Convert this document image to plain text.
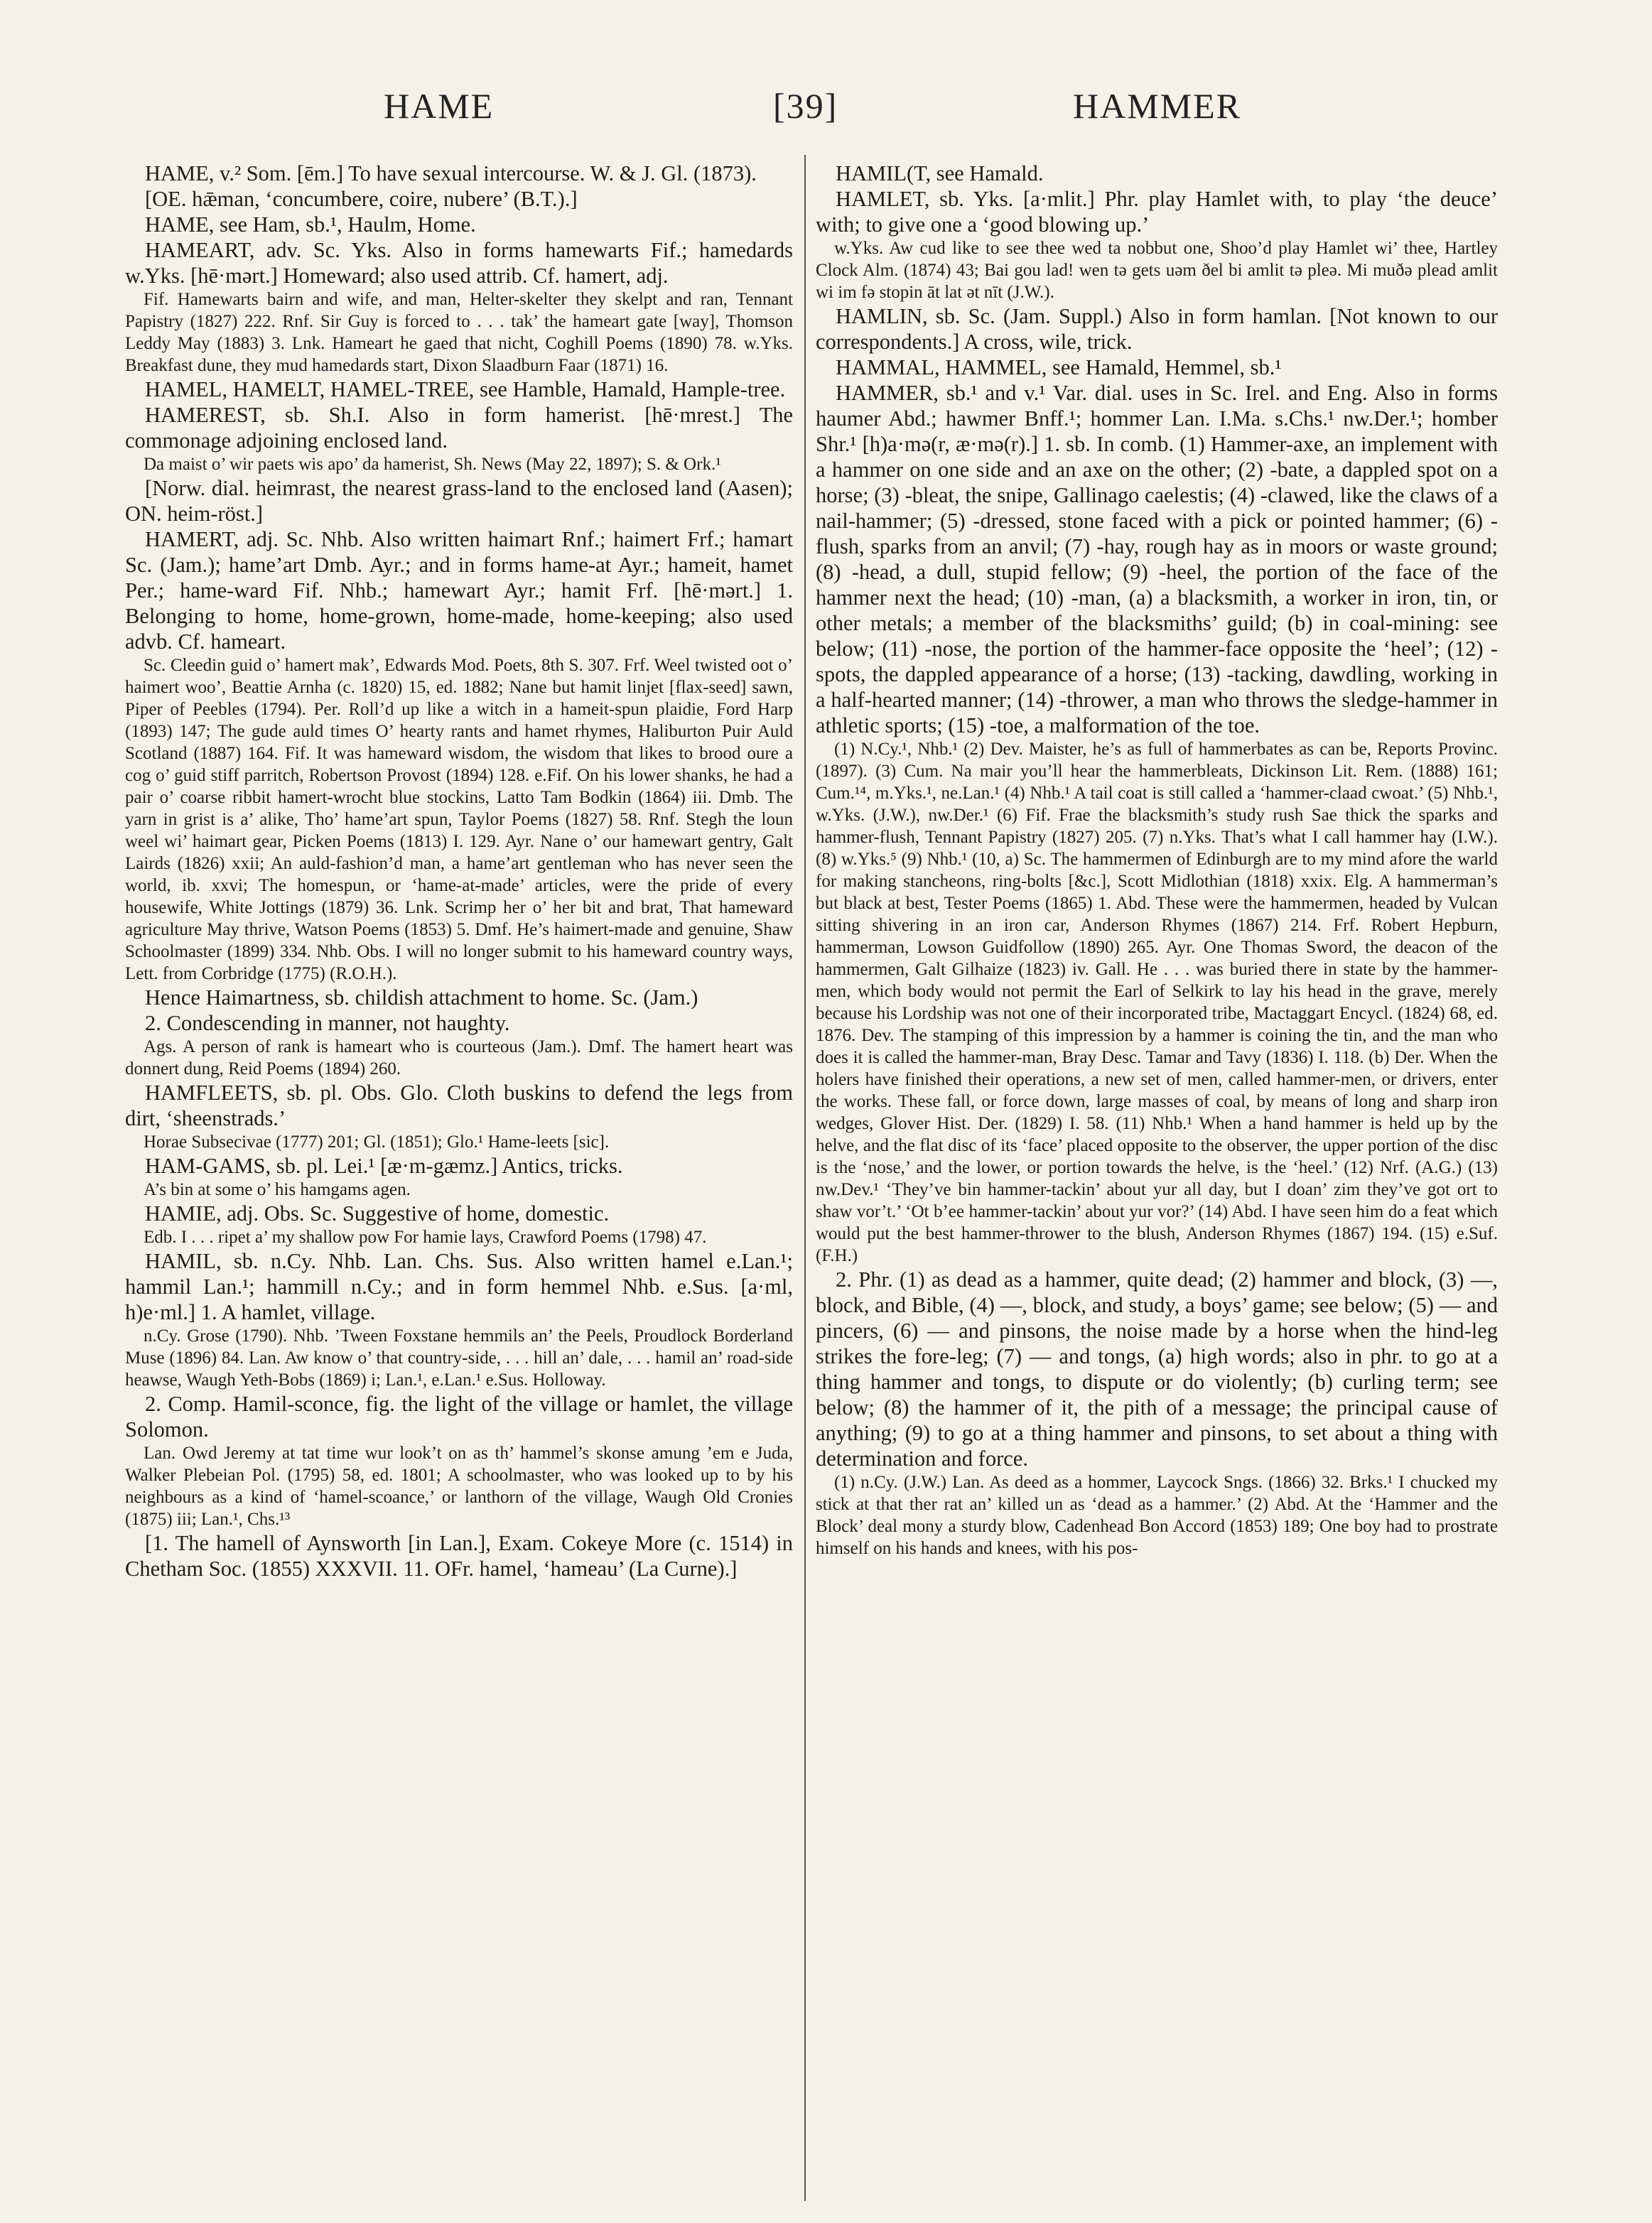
HAME	[39]	HAMMER

HAME, v.² Som. [ēm.] To have sexual intercourse. W. & J. Gl. (1873).

[OE. hǣman, ‘concumbere, coire, nubere’ (B.T.).]

HAME, see Ham, sb.¹, Haulm, Home.

HAMEART, adv. Sc. Yks. Also in forms hamewarts Fif.; hamedards w.Yks. [hē·mərt.] Homeward; also used attrib. Cf. hamert, adj.

Fif. Hamewarts bairn and wife, and man, Helter-skelter they skelpt and ran, Tennant Papistry (1827) 222. Rnf. Sir Guy is forced to . . . tak’ the hameart gate [way], Thomson Leddy May (1883) 3. Lnk. Hameart he gaed that nicht, Coghill Poems (1890) 78. w.Yks. Breakfast dune, they mud hamedards start, Dixon Slaadburn Faar (1871) 16.

HAMEL, HAMELT, HAMEL-TREE, see Hamble, Hamald, Hample-tree.

HAMEREST, sb. Sh.I. Also in form hamerist. [hē·mrest.] The commonage adjoining enclosed land.

Da maist o’ wir paets wis apo’ da hamerist, Sh. News (May 22, 1897); S. & Ork.¹

[Norw. dial. heimrast, the nearest grass-land to the enclosed land (Aasen); ON. heim-röst.]

HAMERT, adj. Sc. Nhb. Also written haimart Rnf.; haimert Frf.; hamart Sc. (Jam.); hame’art Dmb. Ayr.; and in forms hame-at Ayr.; hameit, hamet Per.; hame-ward Fif. Nhb.; hamewart Ayr.; hamit Frf. [hē·mərt.] 1. Belonging to home, home-grown, home-made, home-keeping; also used advb. Cf. hameart.

Sc. Cleedin guid o’ hamert mak’, Edwards Mod. Poets, 8th S. 307. Frf. Weel twisted oot o’ haimert woo’, Beattie Arnha (c. 1820) 15, ed. 1882; Nane but hamit linjet [flax-seed] sawn, Piper of Peebles (1794). Per. Roll’d up like a witch in a hameit-spun plaidie, Ford Harp (1893) 147; The gude auld times O’ hearty rants and hamet rhymes, Haliburton Puir Auld Scotland (1887) 164. Fif. It was hameward wisdom, the wisdom that likes to brood oure a cog o’ guid stiff parritch, Robertson Provost (1894) 128. e.Fif. On his lower shanks, he had a pair o’ coarse ribbit hamert-wrocht blue stockins, Latto Tam Bodkin (1864) iii. Dmb. The yarn in grist is a’ alike, Tho’ hame’art spun, Taylor Poems (1827) 58. Rnf. Stegh the loun weel wi’ haimart gear, Picken Poems (1813) I. 129. Ayr. Nane o’ our hamewart gentry, Galt Lairds (1826) xxii; An auld-fashion’d man, a hame’art gentleman who has never seen the world, ib. xxvi; The homespun, or ‘hame-at-made’ articles, were the pride of every housewife, White Jottings (1879) 36. Lnk. Scrimp her o’ her bit and brat, That hameward agriculture May thrive, Watson Poems (1853) 5. Dmf. He’s haimert-made and genuine, Shaw Schoolmaster (1899) 334. Nhb. Obs. I will no longer submit to his hameward country ways, Lett. from Corbridge (1775) (R.O.H.).

Hence Haimartness, sb. childish attachment to home. Sc. (Jam.)

2. Condescending in manner, not haughty.

Ags. A person of rank is hameart who is courteous (Jam.). Dmf. The hamert heart was donnert dung, Reid Poems (1894) 260.

HAMFLEETS, sb. pl. Obs. Glo. Cloth buskins to defend the legs from dirt, ‘sheenstrads.’

Horae Subsecivae (1777) 201; Gl. (1851); Glo.¹ Hame-leets [sic].

HAM-GAMS, sb. pl. Lei.¹ [æ·m-gæmz.] Antics, tricks.

A’s bin at some o’ his hamgams agen.

HAMIE, adj. Obs. Sc. Suggestive of home, domestic.

Edb. I . . . ripet a’ my shallow pow For hamie lays, Crawford Poems (1798) 47.

HAMIL, sb. n.Cy. Nhb. Lan. Chs. Sus. Also written hamel e.Lan.¹; hammil Lan.¹; hammill n.Cy.; and in form hemmel Nhb. e.Sus. [a·ml, h)e·ml.] 1. A hamlet, village.

n.Cy. Grose (1790). Nhb. ’Tween Foxstane hemmils an’ the Peels, Proudlock Borderland Muse (1896) 84. Lan. Aw know o’ that country-side, . . . hill an’ dale, . . . hamil an’ road-side heawse, Waugh Yeth-Bobs (1869) i; Lan.¹, e.Lan.¹ e.Sus. Holloway.

2. Comp. Hamil-sconce, fig. the light of the village or hamlet, the village Solomon.

Lan. Owd Jeremy at tat time wur look’t on as th’ hammel’s skonse amung ’em e Juda, Walker Plebeian Pol. (1795) 58, ed. 1801; A schoolmaster, who was looked up to by his neighbours as a kind of ‘hamel-scoance,’ or lanthorn of the village, Waugh Old Cronies (1875) iii; Lan.¹, Chs.¹³

[1. The hamell of Aynsworth [in Lan.], Exam. Cokeye More (c. 1514) in Chetham Soc. (1855) XXXVII. 11. OFr. hamel, ‘hameau’ (La Curne).]

HAMIL(T, see Hamald.

HAMLET, sb. Yks. [a·mlit.] Phr. play Hamlet with, to play ‘the deuce’ with; to give one a ‘good blowing up.’

w.Yks. Aw cud like to see thee wed ta nobbut one, Shoo’d play Hamlet wi’ thee, Hartley Clock Alm. (1874) 43; Bai gou lad! wen tə gets uəm ðel bi amlit tə pleə. Mi muðə plead amlit wi im fə stopin āt lat ət nīt (J.W.).

HAMLIN, sb. Sc. (Jam. Suppl.) Also in form hamlan. [Not known to our correspondents.] A cross, wile, trick.

HAMMAL, HAMMEL, see Hamald, Hemmel, sb.¹

HAMMER, sb.¹ and v.¹ Var. dial. uses in Sc. Irel. and Eng. Also in forms haumer Abd.; hawmer Bnff.¹; hommer Lan. I.Ma. s.Chs.¹ nw.Der.¹; homber Shr.¹ [h)a·mə(r, æ·mə(r).] 1. sb. In comb. (1) Hammer-axe, an implement with a hammer on one side and an axe on the other; (2) -bate, a dappled spot on a horse; (3) -bleat, the snipe, Gallinago caelestis; (4) -clawed, like the claws of a nail-hammer; (5) -dressed, stone faced with a pick or pointed hammer; (6) -flush, sparks from an anvil; (7) -hay, rough hay as in moors or waste ground; (8) -head, a dull, stupid fellow; (9) -heel, the portion of the face of the hammer next the head; (10) -man, (a) a blacksmith, a worker in iron, tin, or other metals; a member of the blacksmiths’ guild; (b) in coal-mining: see below; (11) -nose, the portion of the hammer-face opposite the ‘heel’; (12) -spots, the dappled appearance of a horse; (13) -tacking, dawdling, working in a half-hearted manner; (14) -thrower, a man who throws the sledge-hammer in athletic sports; (15) -toe, a malformation of the toe.

(1) N.Cy.¹, Nhb.¹ (2) Dev. Maister, he’s as full of hammerbates as can be, Reports Provinc. (1897). (3) Cum. Na mair you’ll hear the hammerbleats, Dickinson Lit. Rem. (1888) 161; Cum.¹⁴, m.Yks.¹, ne.Lan.¹ (4) Nhb.¹ A tail coat is still called a ‘hammer-claad cwoat.’ (5) Nhb.¹, w.Yks. (J.W.), nw.Der.¹ (6) Fif. Frae the blacksmith’s study rush Sae thick the sparks and hammer-flush, Tennant Papistry (1827) 205. (7) n.Yks. That’s what I call hammer hay (I.W.). (8) w.Yks.⁵ (9) Nhb.¹ (10, a) Sc. The hammermen of Edinburgh are to my mind afore the warld for making stancheons, ring-bolts [&c.], Scott Midlothian (1818) xxix. Elg. A hammerman’s but black at best, Tester Poems (1865) 1. Abd. These were the hammermen, headed by Vulcan sitting shivering in an iron car, Anderson Rhymes (1867) 214. Frf. Robert Hepburn, hammerman, Lowson Guidfollow (1890) 265. Ayr. One Thomas Sword, the deacon of the hammermen, Galt Gilhaize (1823) iv. Gall. He . . . was buried there in state by the hammer-men, which body would not permit the Earl of Selkirk to lay his head in the grave, merely because his Lordship was not one of their incorporated tribe, Mactaggart Encycl. (1824) 68, ed. 1876. Dev. The stamping of this impression by a hammer is coining the tin, and the man who does it is called the hammer-man, Bray Desc. Tamar and Tavy (1836) I. 118. (b) Der. When the holers have finished their operations, a new set of men, called hammer-men, or drivers, enter the works. These fall, or force down, large masses of coal, by means of long and sharp iron wedges, Glover Hist. Der. (1829) I. 58. (11) Nhb.¹ When a hand hammer is held up by the helve, and the flat disc of its ‘face’ placed opposite to the observer, the upper portion of the disc is the ‘nose,’ and the lower, or portion towards the helve, is the ‘heel.’ (12) Nrf. (A.G.) (13) nw.Dev.¹ ‘They’ve bin hammer-tackin’ about yur all day, but I doan’ zim they’ve got ort to shaw vor’t.’ ‘Ot b’ee hammer-tackin’ about yur vor?’ (14) Abd. I have seen him do a feat which would put the best hammer-thrower to the blush, Anderson Rhymes (1867) 194. (15) e.Suf. (F.H.)

2. Phr. (1) as dead as a hammer, quite dead; (2) hammer and block, (3) —, block, and Bible, (4) —, block, and study, a boys’ game; see below; (5) — and pincers, (6) — and pinsons, the noise made by a horse when the hind-leg strikes the fore-leg; (7) — and tongs, (a) high words; also in phr. to go at a thing hammer and tongs, to dispute or do violently; (b) curling term; see below; (8) the hammer of it, the pith of a message; the principal cause of anything; (9) to go at a thing hammer and pinsons, to set about a thing with determination and force.

(1) n.Cy. (J.W.) Lan. As deed as a hommer, Laycock Sngs. (1866) 32. Brks.¹ I chucked my stick at that ther rat an’ killed un as ‘dead as a hammer.’ (2) Abd. At the ‘Hammer and the Block’ deal mony a sturdy blow, Cadenhead Bon Accord (1853) 189; One boy had to prostrate himself on his hands and knees, with his pos-
